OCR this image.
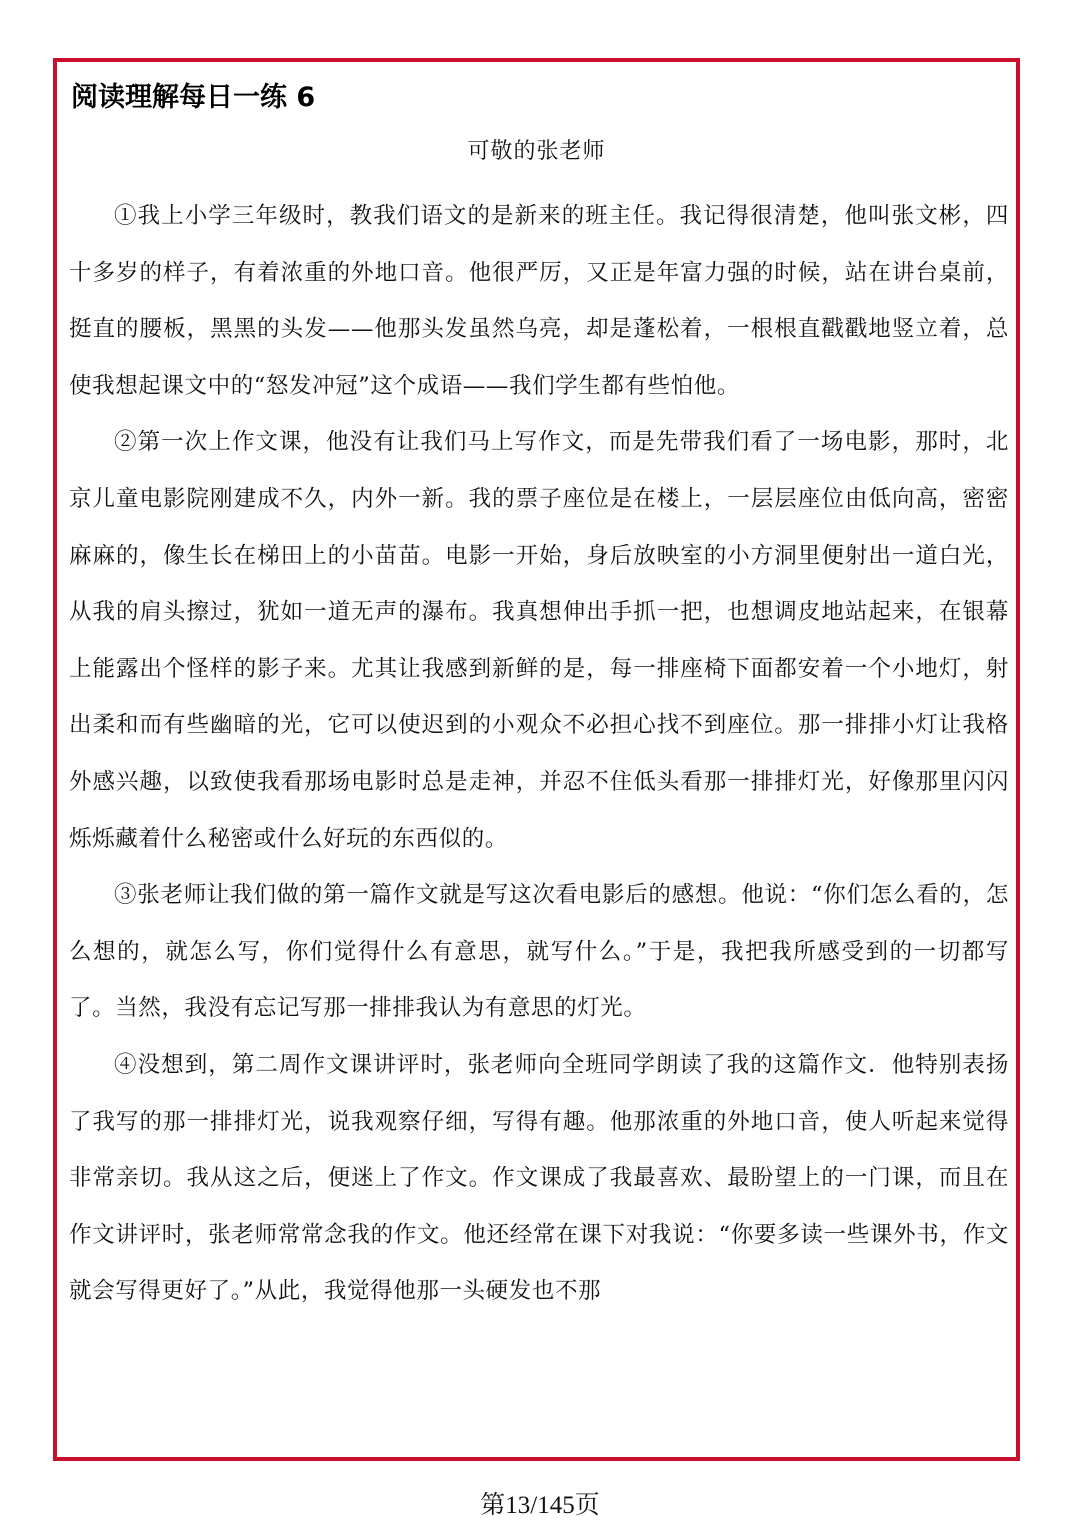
阅读理解每日一练 6
可敬的张老师

①我上小学三年级时，教我们语文的是新来的班主任。我记得很清楚，他叫张文彬，四十多岁的样子，有着浓重的外地口音。他很严厉，又正是年富力强的时候，站在讲台桌前，挺直的腰板，黑黑的头发——他那头发虽然乌亮，却是蓬松着，一根根直戳戳地竖立着，总使我想起课文中的“怒发冲冠”这个成语——我们学生都有些怕他。

②第一次上作文课，他没有让我们马上写作文，而是先带我们看了一场电影，那时，北京儿童电影院刚建成不久，内外一新。我的票子座位是在楼上，一层层座位由低向高，密密麻麻的，像生长在梯田上的小苗苗。电影一开始，身后放映室的小方洞里便射出一道白光，从我的肩头擦过，犹如一道无声的瀑布。我真想伸出手抓一把，也想调皮地站起来，在银幕上能露出个怪样的影子来。尤其让我感到新鲜的是，每一排座椅下面都安着一个小地灯，射出柔和而有些幽暗的光，它可以使迟到的小观众不必担心找不到座位。那一排排小灯让我格外感兴趣，以致使我看那场电影时总是走神，并忍不住低头看那一排排灯光，好像那里闪闪烁烁藏着什么秘密或什么好玩的东西似的。

③张老师让我们做的第一篇作文就是写这次看电影后的感想。他说：“你们怎么看的，怎么想的，就怎么写，你们觉得什么有意思，就写什么。”于是，我把我所感受到的一切都写了。当然，我没有忘记写那一排排我认为有意思的灯光。

④没想到，第二周作文课讲评时，张老师向全班同学朗读了我的这篇作文．他特别表扬了我写的那一排排灯光，说我观察仔细，写得有趣。他那浓重的外地口音，使人听起来觉得非常亲切。我从这之后，便迷上了作文。作文课成了我最喜欢、最盼望上的一门课，而且在作文讲评时，张老师常常念我的作文。他还经常在课下对我说：“你要多读一些课外书，作文就会写得更好了。”从此，我觉得他那一头硬发也不那

第13/145页
